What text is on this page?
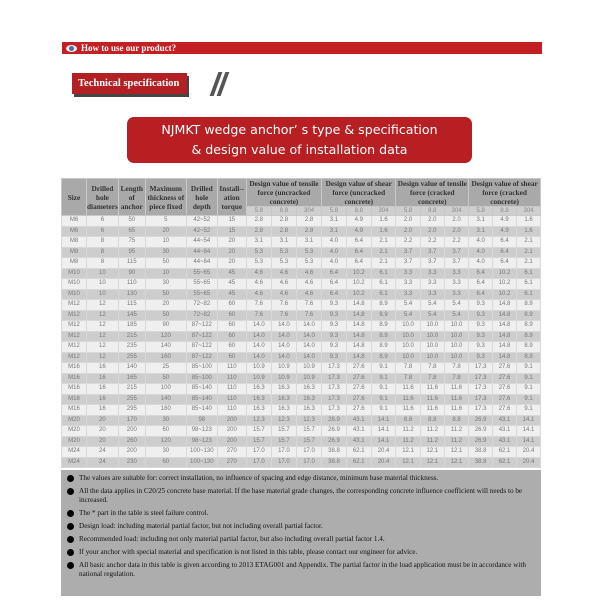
How to use our product?
Technical specification
NJMKT wedge anchor’ s type & specification
& design value of installation data
Size	Drilled hole diameters	Length of anchor	Maximum thickness of piece fixed	Drilled hole depth	Install--ation torque	Design value of tensile force (uncracked concrete)			Design value of shear force (uncracked concrete)			Design value of tensile force (cracked concrete)			Design value of shear force (cracked concrete)		
						5.8	8.8	304	5.8	8.8	304	5.8	8.8	304	5.8	8.8	304
M6	6	50	5	42~52	15	2.8	2.8	2.8	3.1	4.9	1.6	2.0	2.0	2.0	3.1	4.9	1.6
M6	6	65	20	42~52	15	2.8	2.8	2.8	3.1	4.9	1.6	2.0	2.0	2.0	3.1	4.9	1.6
M8	8	75	10	44~54	20	3.1	3.1	3.1	4.0	6.4	2.1	2.2	2.2	2.2	4.0	6.4	2.1
M8	8	95	30	44~84	20	5.3	5.3	5.3	4.0	6.4	2.1	3.7	3.7	3.7	4.0	6.4	2.1
M8	8	115	50	44~84	20	5.3	5.3	5.3	4.0	6.4	2.1	3.7	3.7	3.7	4.0	6.4	2.1
M10	10	90	10	55~65	45	4.6	4.6	4.6	6.4	10.2	6.1	3.3	3.3	3.3	6.4	10.2	6.1
M10	10	110	30	55~65	45	4.6	4.6	4.6	6.4	10.2	6.1	3.3	3.3	3.3	6.4	10.2	6.1
M10	10	130	50	55~65	45	4.6	4.6	4.6	6.4	10.2	6.1	3.3	3.3	3.3	6.4	10.2	6.1
M12	12	115	20	72~82	60	7.6	7.6	7.6	9.3	14.8	8.9	5.4	5.4	5.4	9.3	14.8	8.9
M12	12	145	50	72~82	60	7.6	7.6	7.6	9.3	14.8	8.9	5.4	5.4	5.4	9.3	14.8	8.9
M12	12	185	90	87~122	60	14.0	14.0	14.0	9.3	14.8	8.9	10.0	10.0	10.0	9.3	14.8	8.9
M12	12	215	120	87~122	60	14.0	14.0	14.0	9.3	14.8	8.9	10.0	10.0	10.0	9.3	14.8	8.9
M12	12	235	140	87~122	60	14.0	14.0	14.0	9.3	14.8	8.9	10.0	10.0	10.0	9.3	14.8	8.9
M12	12	255	160	87~122	60	14.0	14.0	14.0	9.3	14.8	8.9	10.0	10.0	10.0	9.3	14.8	8.9
M16	16	140	25	85~100	110	10.9	10.9	10.9	17.3	27.6	9.1	7.8	7.8	7.8	17.3	27.6	9.1
M16	16	165	50	85~100	110	10.9	10.9	10.9	17.3	27.6	9.1	7.8	7.8	7.8	17.3	27.6	9.1
M16	16	215	100	85~140	110	16.3	16.3	16.3	17.3	27.6	9.1	11.6	11.6	11.6	17.3	27.6	9.1
M16	16	255	140	85~140	110	16.3	16.3	16.3	17.3	27.6	9.1	11.6	11.6	11.6	17.3	27.6	9.1
M16	16	295	180	85~140	110	16.3	16.3	16.3	17.3	27.6	9.1	11.6	11.6	11.6	17.3	27.6	9.1
M20	20	170	30	98	200	12.3	12.3	12.3	26.9	43.1	14.1	8.8	8.8	8.8	26.9	43.1	14.1
M20	20	200	60	98~123	200	15.7	15.7	15.7	26.9	43.1	14.1	11.2	11.2	11.2	26.9	43.1	14.1
M20	20	260	120	98~123	200	15.7	15.7	15.7	26.9	43.1	14.1	11.2	11.2	11.2	26.9	43.1	14.1
M24	24	200	30	100~130	270	17.0	17.0	17.0	38.8	62.1	20.4	12.1	12.1	12.1	38.8	62.1	20.4
M24	24	230	60	100~130	270	17.0	17.0	17.0	38.8	62.1	20.4	12.1	12.1	12.1	38.8	62.1	20.4
The values are suitable for: correct installation, no influence of spacing and edge distance, minimum base material thickness.
All the data applies in C20/25 concrete base material. If the base material grade changes, the corresponding concrete influence coefficient will needs to be increased.
The * part in the table is steel failure control.
Design load: including material partial factor, but not including overall partial factor.
Recommended load: including not only material partial factor, but also including overall partial factor 1.4.
If your anchor with special material and specification is not listed in this table, please contact our engineer for advice.
All basic anchor data in this table is given according to 2013 ETAG001 and Appendix. The partial factor in the load application must be in accordance with national regulation.
